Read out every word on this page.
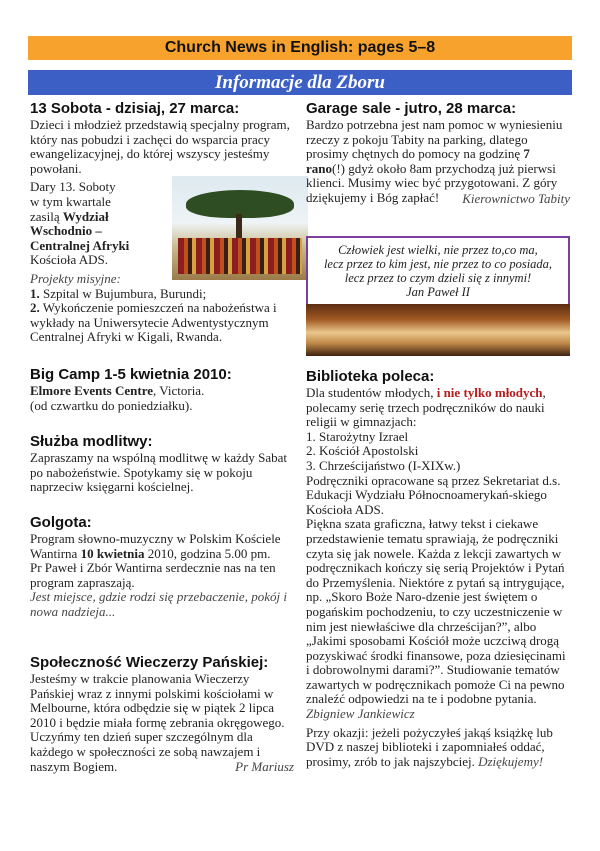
Church News in English: pages 5–8
Informacje dla Zboru
13 Sobota - dzisiaj, 27 marca:

Dzieci i młodzież przedstawią specjalny program, który nas pobudzi i zachęci do wsparcia pracy ewangelizacyjnej, do której wszyscy jesteśmy powołani.

Dary 13. Soboty

w tym kwartale

zasilą Wydział

Wschodnio –

Centralnej Afryki

Kościoła ADS.

Projekty misyjne:

1. Szpital w Bujumbura, Burundi;

2. Wykończenie pomieszczeń na nabożeństwa i wykłady na Uniwersytecie Adwentystycznym Centralnej Afryki w Kigali, Rwanda.

Big Camp 1-5 kwietnia 2010:

Elmore Events Centre, Victoria.

(od czwartku do poniedziałku).

Służba modlitwy:

Zapraszamy na wspólną modlitwę w każdy Sabat po nabożeństwie. Spotykamy się w pokoju naprzeciw księgarni kościelnej.

Golgota:

Program słowno-muzyczny w Polskim Kościele Wantirna 10 kwietnia 2010, godzina 5.00 pm.

Pr Paweł i Zbór Wantirna serdecznie nas na ten program zapraszają.

Jest miejsce, gdzie rodzi się przebaczenie, pokój i nowa nadzieja...

Społeczność Wieczerzy Pańskiej:

Jesteśmy w trakcie planowania Wieczerzy Pańskiej wraz z innymi polskimi kościołami w Melbourne, która odbędzie się w piątek 2 lipca 2010 i będzie miała formę zebrania okręgowego.

Uczyńmy ten dzień super szczególnym dla każdego w społeczności ze sobą nawzajem i naszym Bogiem.	Pr Mariusz

Garage sale - jutro, 28 marca:

Bardzo potrzebna jest nam pomoc w wyniesieniu rzeczy z pokoju Tabity na parking, dlatego prosimy chętnych do pomocy na godzinę 7 rano(!) gdyż około 8am przychodzą już pierwsi klienci. Musimy wiec być przygotowani. Z góry dziękujemy i Bóg zapłać!	Kierownictwo Tabity

Człowiek jest wielki, nie przez to,co ma,
lecz przez to kim jest, nie przez to co posiada,
lecz przez to czym dzieli się z innymi!
Jan Paweł II
Biblioteka poleca:

Dla studentów młodych, i nie tylko młodych, polecamy serię trzech podręczników do nauki religii w gimnazjach:

1. Starożytny Izrael

2. Kościół Apostolski

3. Chrześcijaństwo (I-XIXw.)

Podręczniki opracowane są przez Sekretariat d.s. Edukacji Wydziału Północnoamerykań-skiego Kościoła ADS.

Piękna szata graficzna, łatwy tekst i ciekawe przedstawienie tematu sprawiają, że podręczniki czyta się jak nowele. Każda z lekcji zawartych w podręcznikach kończy się serią Projektów i Pytań do Przemyślenia. Niektóre z pytań są intrygujące, np. „Skoro Boże Naro-dzenie jest świętem o pogańskim pochodzeniu, to czy uczestniczenie w nim jest niewłaściwe dla chrześcijan?”, albo „Jakimi sposobami Kościół może uczciwą drogą pozyskiwać środki finansowe, poza dziesięcinami i dobrowolnymi darami?”. Studiowanie tematów zawartych w podręcznikach pomoże Ci na pewno znaleźć odpowiedzi na te i podobne pytania.

Zbigniew Jankiewicz

Przy okazji: jeżeli pożyczyłeś jakąś książkę lub DVD z naszej biblioteki i zapomniałeś oddać, prosimy, zrób to jak najszybciej. Dziękujemy!
